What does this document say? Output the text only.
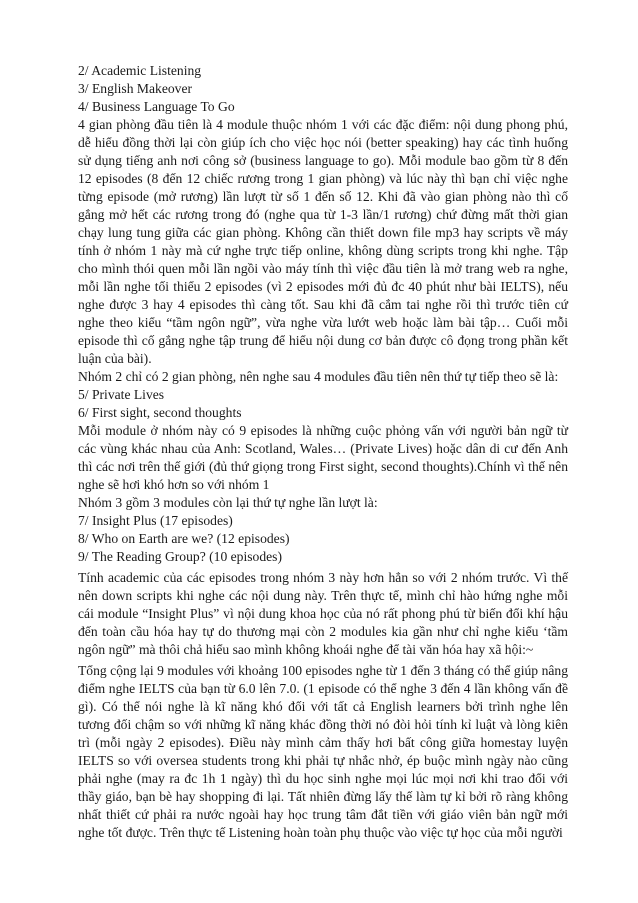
2/ Academic Listening

3/ English Makeover

4/ Business Language To Go

4 gian phòng đầu tiên là 4 module thuộc nhóm 1 với các đặc điểm: nội dung phong phú, dễ hiểu đồng thời lại còn giúp ích cho việc học nói (better speaking) hay các tình huống sử dụng tiếng anh nơi công sở (business language to go). Mỗi module bao gồm từ 8 đến 12 episodes (8 đến 12 chiếc rương trong 1 gian phòng) và lúc này thì bạn chỉ việc nghe từng episode (mở rương) lần lượt từ số 1 đến số 12. Khi đã vào gian phòng nào thì cố gắng mở hết các rương trong đó (nghe qua từ 1-3 lần/1 rương) chứ đừng mất thời gian chạy lung tung giữa các gian phòng. Không cần thiết down file mp3 hay scripts về máy tính ở nhóm 1 này mà cứ nghe trực tiếp online, không dùng scripts trong khi nghe. Tập cho mình thói quen mỗi lần ngồi vào máy tính thì việc đầu tiên là mở trang web ra nghe, mỗi lần nghe tối thiểu 2 episodes (vì 2 episodes mới đủ đc 40 phút như bài IELTS), nếu nghe được 3 hay 4 episodes thì càng tốt. Sau khi đã cắm tai nghe rồi thì trước tiên cứ nghe theo kiểu “tầm ngôn ngữ”, vừa nghe vừa lướt web hoặc làm bài tập… Cuối mỗi episode thì cố gắng nghe tập trung để hiểu nội dung cơ bản được cô đọng trong phần kết luận của bài).

Nhóm 2 chỉ có 2 gian phòng, nên nghe sau 4 modules đầu tiên nên thứ tự tiếp theo sẽ là:

5/ Private Lives

6/ First sight, second thoughts

Mỗi module ở nhóm này có 9 episodes là những cuộc phỏng vấn với người bản ngữ từ các vùng khác nhau của Anh: Scotland, Wales… (Private Lives) hoặc dân di cư đến Anh thì các nơi trên thế giới (đủ thứ giọng trong First sight, second thoughts).Chính vì thế nên nghe sẽ hơi khó hơn so với nhóm 1

Nhóm 3 gồm 3 modules còn lại thứ tự nghe lần lượt là:

7/ Insight Plus (17 episodes)

8/ Who on Earth are we? (12 episodes)

9/ The Reading Group? (10 episodes)

Tính academic của các episodes trong nhóm 3 này hơn hẳn so với 2 nhóm trước. Vì thế nên down scripts khi nghe các nội dung này. Trên thực tế, mình chỉ hào hứng nghe mỗi cái module “Insight Plus” vì nội dung khoa học của nó rất phong phú từ biến đổi khí hậu đến toàn cầu hóa hay tự do thương mại còn 2 modules kia gần như chỉ nghe kiểu ‘tầm ngôn ngữ” mà thôi chả hiểu sao mình không khoái nghe để tài văn hóa hay xã hội:~

Tổng cộng lại 9 modules với khoảng 100 episodes nghe từ 1 đến 3 tháng có thể giúp nâng điểm nghe IELTS của bạn từ 6.0 lên 7.0. (1 episode có thể nghe 3 đến 4 lần không vấn đề gì). Có thể nói nghe là kĩ năng khó đối với tất cả English learners bởi trình nghe lên tương đối chậm so với những kĩ năng khác đồng thời nó đòi hỏi tính kỉ luật và lòng kiên trì (mỗi ngày 2 episodes). Điều này mình cảm thấy hơi bất công giữa homestay luyện IELTS so với oversea students trong khi phải tự nhắc nhở, ép buộc mình ngày nào cũng phải nghe (may ra đc 1h 1 ngày) thì du học sinh nghe mọi lúc mọi nơi khi trao đổi với thầy giáo, bạn bè hay shopping đi lại. Tất nhiên đừng lấy thế làm tự kỉ bởi rõ ràng không nhất thiết cứ phải ra nước ngoài hay học trung tâm đắt tiền với giáo viên bản ngữ mới nghe tốt được. Trên thực tế Listening hoàn toàn phụ thuộc vào việc tự học của mỗi người
